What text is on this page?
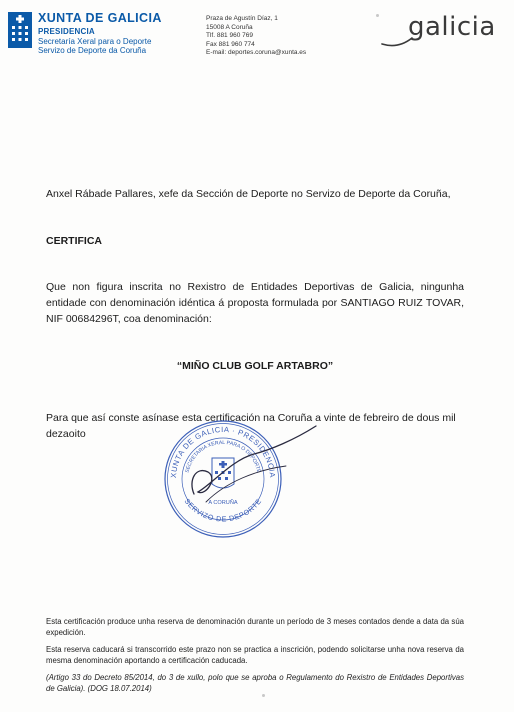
XUNTA DE GALICIA
PRESIDENCIA
Secretaría Xeral para o Deporte
Servizo de Deporte da Coruña
Praza de Agustín Díaz, 1
15008 A Coruña
Tlf. 881 960 769
Fax 881 960 774
E-mail: deportes.coruna@xunta.es
galicia
Anxel Rábade Pallares, xefe da Sección de Deporte no Servizo de Deporte da Coruña,
CERTIFICA
Que non figura inscrita no Rexistro de Entidades Deportivas de Galicia, ningunha entidade con denominación idéntica á proposta formulada por SANTIAGO RUIZ TOVAR, NIF 00684296T, coa denominación:
“MIÑO CLUB GOLF ARTABRO”
Para que así conste asínase esta certificación na Coruña a vinte de febreiro de dous mil dezaoito
XUNTA DE GALICIA · PRESIDENCIA
SECRETARIA XERAL PARA O DEPORTE
SERVIZO DE DEPORTE
A CORUÑA
Esta certificación produce unha reserva de denominación durante un período de 3 meses contados dende a data da súa expedición.
Esta reserva caducará si transcorrido este prazo non se practica a inscrición, podendo solicitarse unha nova reserva da mesma denominación aportando a certificación caducada.
(Artigo 33 do Decreto 85/2014, do 3 de xullo, polo que se aproba o Regulamento do Rexistro de Entidades Deportivas de Galicia). (DOG 18.07.2014)
